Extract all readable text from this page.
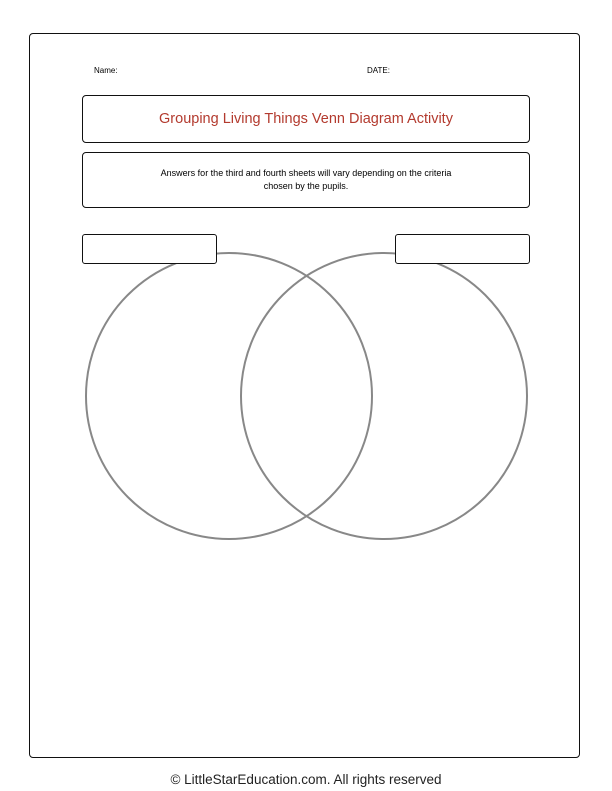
Name:	DATE:
Grouping Living Things Venn Diagram Activity
Answers for the third and fourth sheets will vary depending on the criteria chosen by the pupils.
© LittleStarEducation.com. All rights reserved
